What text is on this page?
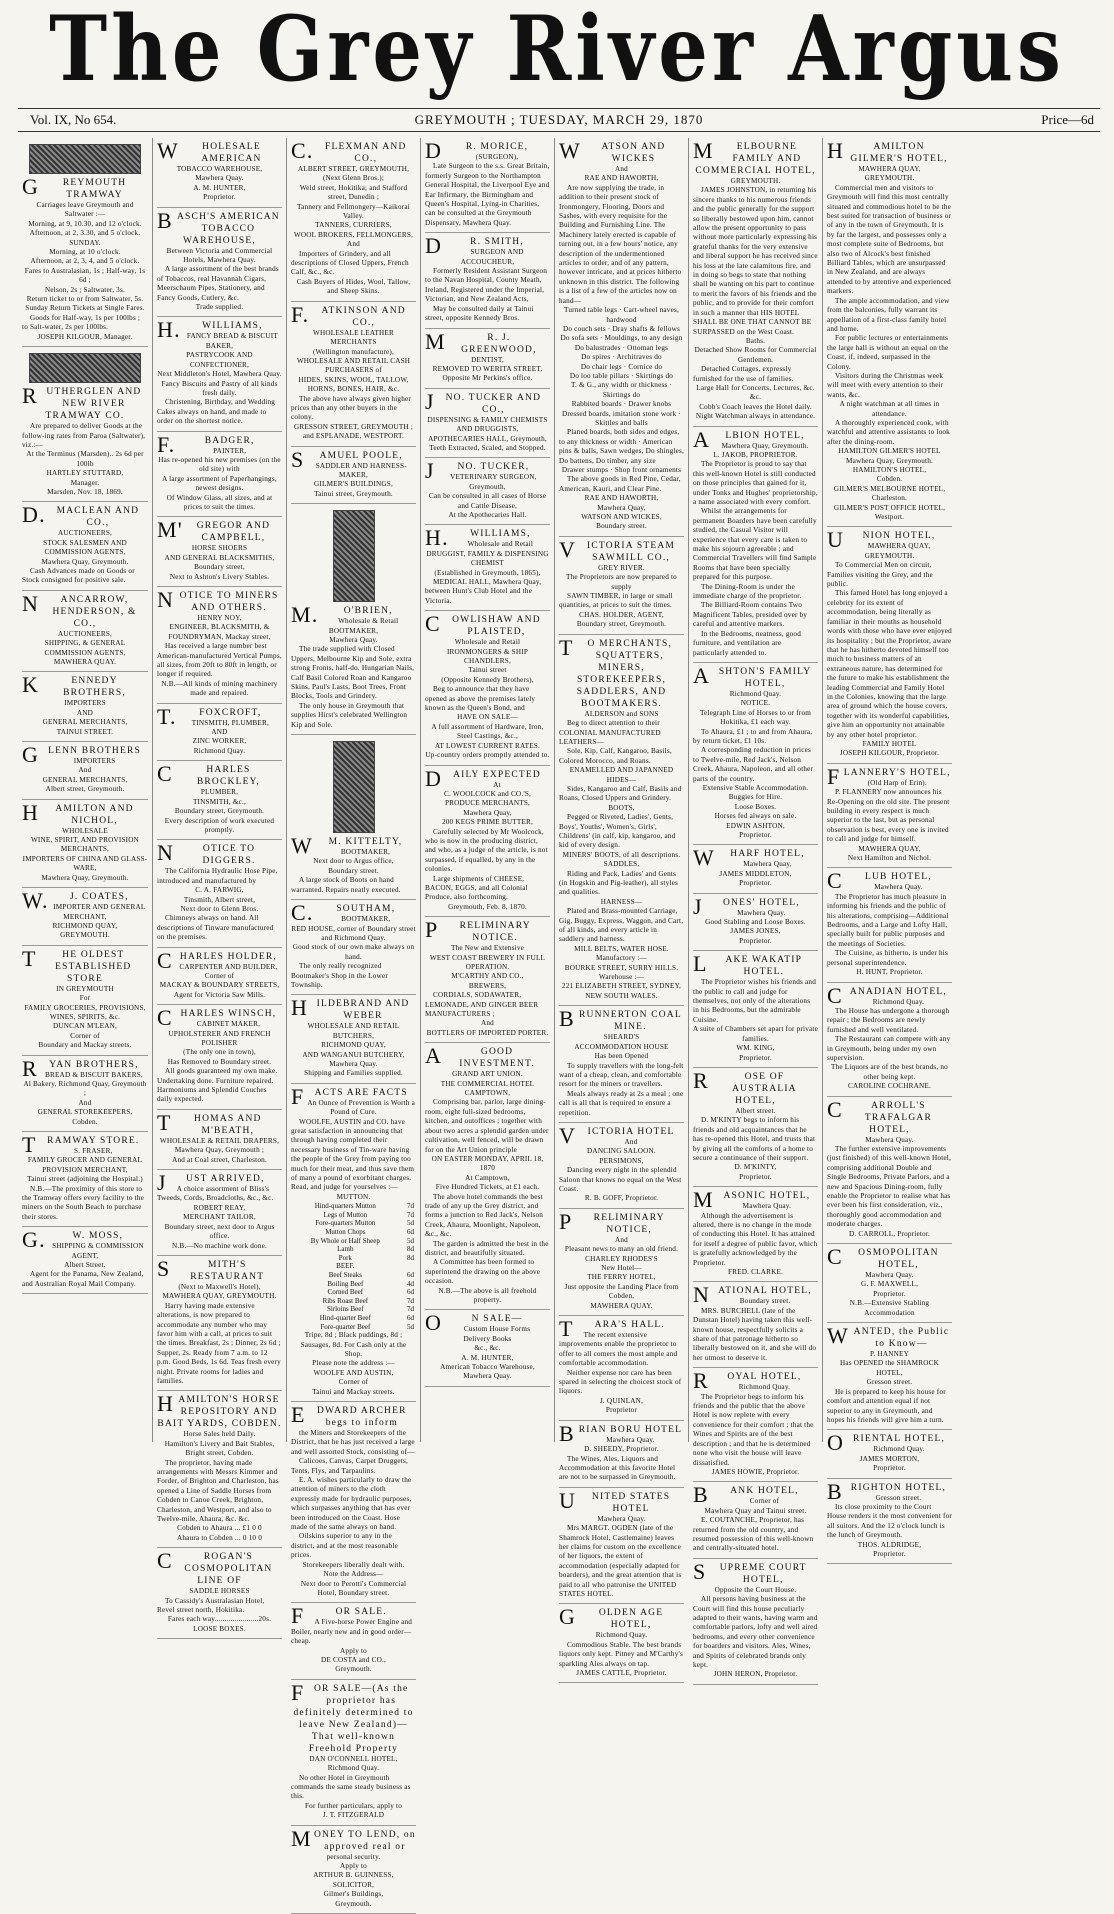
The Grey River Argus
Vol. IX, No 654.	GREYMOUTH ; TUESDAY, MARCH 29, 1870	Price—6d
GREYMOUTH TRAMWAY
Carriages leave Greymouth and Saltwater :—
Morning, at 9, 10.30, and 12 o'clock.
Afternoon, at 2, 3.30, and 5 o'clock.
SUNDAY.
Morning, at 10 o'clock.
Afternoon, at 2, 3, 4, and 5 o'clock.
Fares to Australasian, 1s ; Half-way, 1s 6d ;
Nelson, 2s ; Saltwater, 3s.
Return ticket to or from Saltwater, 5s.
Sunday Return Tickets at Single Fares.
Goods for Half-way, 1s per 100lbs ; to Salt-water, 2s per 100lbs.
JOSEPH KILGOUR, Manager.
RUTHERGLEN AND NEW RIVER TRAMWAY CO.
Are prepared to deliver Goods at the follow-ing rates from Paroa (Saltwater), viz.:—
At the Terminus (Marsden).. 2s 6d per 100lb
HARTLEY STUTTARD,
Manager.
Marsden, Nov. 18, 1869.
D.MACLEAN AND CO.,
AUCTIONEERS,
STOCK SALESMEN AND COMMISSION AGENTS,
Mawhera Quay, Greymouth.
Cash Advances made on Goods or Stock consigned for positive sale.
NANCARROW, HENDERSON, & CO.,
AUCTIONEERS,
SHIPPING, & GENERAL COMMISSION AGENTS,
MAWHERA QUAY.
KENNEDY BROTHERS,
IMPORTERS
AND
GENERAL MERCHANTS,
TAINUI STREET.
GLENN BROTHERS
IMPORTERS
And
GENERAL MERCHANTS,
Albert street, Greymouth.
HAMILTON AND NICHOL,
WHOLESALE
WINE, SPIRIT, AND PROVISION MERCHANTS,
IMPORTERS OF CHINA AND GLASS-WARE,
Mawhera Quay, Greymouth.
W.J. COATES,
IMPORTER AND GENERAL MERCHANT,
RICHMOND QUAY,
GREYMOUTH.
THE OLDEST ESTABLISHED STORE
IN GREYMOUTH
For
FAMILY GROCERIES, PROVISIONS, WINES, SPIRITS, &c.
DUNCAN M'LEAN,
Corner of
Boundary and Mackay streets.
RYAN BROTHERS,
BREAD & BISCUIT BAKERS,
Al Bakery, Richmond Quay, Greymouth ;
And
GENERAL STOREKEEPERS,
Cobden.
TRAMWAY STORE.
S. FRASER,
FAMILY GROCER AND GENERAL PROVISION MERCHANT,
Tainui street (adjoining the Hospital.)
N.B.—The proximity of this store to the Tramway offers every facility to the miners on the South Beach to purchase their stores.
G.W. MOSS,
SHIPPING & COMMISSION AGENT,
Albert Street.
Agent for the Panama, New Zealand, and Australian Royal Mail Company.
WHOLESALE AMERICAN
TOBACCO WAREHOUSE,
Mawhera Quay.
A. M. HUNTER,
Proprietor.
BASCH'S AMERICAN TOBACCO WAREHOUSE,
Between Victoria and Commercial Hotels, Mawhera Quay.
A large assortment of the best brands of Tobaccos, real Havannah Cigars, Meerschaum Pipes, Stationery, and Fancy Goods, Cutlery, &c.
Trade supplied.
H.WILLIAMS,
FANCY BREAD & BISCUIT BAKER,
PASTRYCOOK AND CONFECTIONER,
Next Middleton's Hotel, Mawhera Quay.
Fancy Biscuits and Pastry of all kinds fresh daily.
Christening, Birthday, and Wedding Cakes always on hand, and made to order on the shortest notice.
F.BADGER,
PAINTER,
Has re-opened his new premises (on the old site) with
A large assortment of Paperhangings, newest designs.
Of Window Glass, all sizes, and at prices to suit the times.
M'GREGOR AND CAMPBELL,
HORSE SHOERS
AND GENERAL BLACKSMITHS,
Boundary street,
Next to Ashton's Livery Stables.
NOTICE TO MINERS AND OTHERS.
HENRY NOY,
ENGINEER, BLACKSMITH, & FOUNDRYMAN, Mackay street,
Has received a large number best American-manufactured Vertical Pumps, all sizes, from 20ft to 80ft in length, or longer if required.
N.B.—All kinds of mining machinery made and repaired.
T.FOXCROFT,
TINSMITH, PLUMBER,
AND
ZINC WORKER,
Richmond Quay.
CHARLES BROCKLEY,
PLUMBER,
TINSMITH, &c.,
Boundary street, Greymouth.
Every description of work executed promptly.
NOTICE TO DIGGERS.
The California Hydraulic Hose Pipe, introduced and manufactured by
C. A. FARWIG,
Tinsmith, Albert street,
Next door to Glenn Bros.
Chimneys always on hand. All descriptions of Tinware manufactured on the premises.
CHARLES HOLDER,
CARPENTER AND BUILDER,
Corner of
MACKAY & BOUNDARY STREETS,
Agent for Victoria Saw Mills.
CHARLES WINSCH,
CABINET MAKER,
UPHOLSTERER AND FRENCH POLISHER
(The only one in town),
Has Removed to Boundary street.
All goods guaranteed my own make. Undertaking done. Furniture repaired. Harmoniums and Splendid Couches daily expected.
THOMAS AND M'BEATH,
WHOLESALE & RETAIL DRAPERS,
Mawhera Quay, Greymouth ;
And at Coal street, Charleston.
JUST ARRIVED,
A choice assortment of Bliss's Tweeds, Cords, Broadcloths, &c., &c.
ROBERT REAY,
MERCHANT TAILOR,
Boundary street, next door to Argus office.
N.B.—No machine work done.
SMITH'S RESTAURANT
(Next to Maxwell's Hotel),
MAWHERA QUAY, GREYMOUTH.
Harry having made extensive alterations, is now prepared to accommodate any number who may favor him with a call, at prices to suit the times. Breakfast, 2s ; Dinner, 2s 6d ; Supper, 2s. Ready from 7 a.m. to 12 p.m. Good Beds, 1s 6d. Teas fresh every night. Private rooms for ladies and families.
HAMILTON'S HORSE REPOSITORY AND BAIT YARDS, COBDEN.
Horse Sales held Daily.
Hamilton's Livery and Bait Stables, Bright street, Cobden.
The proprietor, having made arrangements with Messrs Kimmer and Forder, of Brighton and Charleston, has opened a Line of Saddle Horses from Cobden to Canoe Creek, Brighton, Charleston, and Westport, and also to Twelve-mile, Ahaura, &c. &c.
Cobden to Ahaura ... £1 0 0
Ahaura to Cobden ... 0 10 0
CROGAN'S COSMOPOLITAN LINE OF
SADDLE HORSES
To Cassidy's Australasian Hotel, Revel street north, Hokitika.
Fares each way......................20s.
LOOSE BOXES.
C.FLEXMAN AND CO.,
ALBERT STREET, GREYMOUTH,
(Next Glenn Bros.);
Weld street, Hokitika; and Stafford street, Dunedin ;
Tannery and Fellmongery—Kaikorai Valley.
TANNERS, CURRIERS,
WOOL BROKERS, FELLMONGERS,
And
Importers of Grindery, and all descriptions of Closed Uppers, French Calf, &c., &c.
Cash Buyers of Hides, Wool, Tallow, and Sheep Skins.
F.ATKINSON AND CO.,
WHOLESALE LEATHER MERCHANTS
(Wellington manufacture),
WHOLESALE AND RETAIL CASH PURCHASERS of
HIDES, SKINS, WOOL, TALLOW, HORNS, BONES, HAIR, &c.
The above have always given higher prices than any other buyers in the colony.
GRESSON STREET, GREYMOUTH ; and ESPLANADE, WESTPORT.
SAMUEL POOLE,
SADDLER AND HARNESS-MAKER,
GILMER'S BUILDINGS,
Tainui street, Greymouth.
M.O'BRIEN,
Wholesale & Retail
BOOTMAKER,
Mawhera Quay.
The trade supplied with Closed Uppers, Melbourne Kip and Sole, extra strong Fronts, half-do. Hungarian Nails, Calf Basil Colored Roan and Kangaroo Skins, Paul's Lasts, Boot Trees, Front Blocks, Tools and Grindery.
The only house in Greymouth that supplies Hirst's celebrated Wellington Kip and Sole.
WM. KITTELTY,
BOOTMAKER,
Next door to Argus office,
Boundary street.
A large stock of Boots on hand warranted. Repairs neatly executed.
C.SOUTHAM,
BOOTMAKER,
RED HOUSE, corner of Boundary street and Richmond Quay.
Good stock of our own make always on hand.
The only really recognized Bootmaker's Shop in the Lower Township.
HILDEBRAND AND WEBER
WHOLESALE AND RETAIL BUTCHERS,
RICHMOND QUAY,
AND WANGANUI BUTCHERY,
Mawhera Quay.
Shipping and Families supplied.
FACTS ARE FACTS
An Ounce of Prevention is Worth a Pound of Cure.
WOOLFE, AUSTIN and CO. have great satisfaction in announcing that through having completed their necessary business of Tin-ware having the people of the Grey from paying too much for their meat, and thus save them of many a pound of exorbitant charges. Read, and judge for yourselves :—
MUTTON.
Hind-quarters Mutton	7d
Legs of Mutton	7d
Fore-quarters Mutton	5d
Mutton Chops	6d
By Whole or Half Sheep	5d
Lamb	8d
Pork	8d
BEEF.	
Beef Steaks	6d
Boiling Beef	4d
Corned Beef	6d
Ribs Roast Beef	7d
Sirloins Beef	7d
Hind-quarter Beef	6d
Fore-quarter Beef	5d
Tripe, 8d ; Black puddings, 8d ; Sausages, 8d. For Cash only at the Shop.
Please note the address :—
WOOLFE AND AUSTIN,
Corner of
Tainui and Mackay streets.
EDWARD ARCHER begs to inform
the Miners and Storekeepers of the District, that he has just received a large and well assorted Stock, consisting of—
Calicoes, Canvas, Carpet Druggets, Tents, Flys, and Tarpaulins.
E. A. wishes particularly to draw the attention of miners to the cloth expressly made for hydraulic purposes, which surpasses anything that has ever been introduced on the Coast. Hose made of the same always on hand.
Oilskins superior to any in the district, and at the most reasonable prices.
Storekeepers liberally dealt with.
Note the Address—
Next door to Perotti's Commercial Hotel, Boundary street.
FOR SALE.
A Five-horse Power Engine and Boiler, nearly new and in good order—cheap.
Apply to
DE COSTA and CO.,
Greymouth.
FOR SALE—(As the proprietor has definitely determined to leave New Zealand)—That well-known Freehold Property
DAN O'CONNELL HOTEL,
Richmond Quay.
No other Hotel in Greymouth commands the same steady business as this.
For further particulars, apply to
J. T. FITZGERALD
MONEY TO LEND, on approved real or
personal security.
Apply to
ARTHUR B. GUINNESS,
SOLICITOR,
Gilmer's Buildings,
Greymouth.
DR. MORICE,
(SURGEON),
Late Surgeon to the s.s. Great Britain, formerly Surgeon to the Northampton General Hospital, the Liverpool Eye and Ear Infirmary, the Birmingham and Queen's Hospital, Lying-in Charities, can be consulted at the Greymouth Dispensary, Mawhera Quay.
DR. SMITH,
SURGEON AND ACCOUCHEUR,
Formerly Resident Assistant Surgeon to the Navan Hospital, County Meath, Ireland, Registered under the Imperial, Victorian, and New Zealand Acts,
May be consulted daily at Tainui street, opposite Kennedy Bros.
MR. J. GREENWOOD,
DENTIST,
REMOVED TO WERITA STREET,
Opposite Mr Perkins's office.
JNO. TUCKER AND CO.,
DISPENSING & FAMILY CHEMISTS AND DRUGGISTS,
APOTHECARIES HALL, Greymouth,
Teeth Extracted, Scaled, and Stopped.
JNO. TUCKER,
VETERINARY SURGEON,
Greymouth,
Can be consulted in all cases of Horse and Cattle Disease,
At the Apothecaries Hall.
H.WILLIAMS,
Wholesale and Retail
DRUGGIST, FAMILY & DISPENSING CHEMIST
(Established in Greymouth, 1865),
MEDICAL HALL, Mawhera Quay, between Hunt's Club Hotel and the Victoria.
COWLISHAW AND PLAISTED,
Wholesale and Retail
IRONMONGERS & SHIP CHANDLERS,
Tainui street
(Opposite Kennedy Brothers),
Beg to announce that they have opened as above the premises lately known as the Queen's Bond, and
HAVE ON SALE—
A full assortment of Hardware, Iron, Steel Castings, &c.,
AT LOWEST CURRENT RATES.
Up-country orders promptly attended to.
DAILY EXPECTED
At
C. WOOLCOCK and CO.'S,
PRODUCE MERCHANTS,
Mawhera Quay,
200 KEGS PRIME BUTTER,
Carefully selected by Mr Woolcock, who is now in the producing district, and who, as a judge of the article, is not surpassed, if equalled, by any in the colonies.
Large shipments of CHEESE, BACON, EGGS, and all Colonial Produce, also forthcoming.
Greymouth, Feb. 8, 1870.
PRELIMINARY NOTICE.
The New and Extensive
WEST COAST BREWERY IN FULL OPERATION.
M'CARTHY AND CO.,
BREWERS,
CORDIALS, SODAWATER, LEMONADE, AND GINGER BEER MANUFACTURERS ;
And
BOTTLERS OF IMPORTED PORTER.
AGOOD INVESTMENT.
GRAND ART UNION.
THE COMMERCIAL HOTEL
CAMPTOWN,
Comprising bar, parlor, large dining-room, eight full-sized bedrooms, kitchen, and outoffices ; together with about two acres a splendid garden under cultivation, well fenced, will be drawn for on the Art Union principle
ON EASTER MONDAY, APRIL 18, 1870
At Camptown,
Five Hundred Tickets, at £1 each.
The above hotel commands the best trade of any up the Grey district, and forms a junction to Red Jack's, Nelson Creek, Ahaura, Moonlight, Napoleon, &c., &c.
The garden is admitted the best in the district, and beautifully situated.
A Committee has been formed to superintend the drawing on the above occasion.
N.B.—The above is all freehold property.
ON SALE—
Custom House Forms
Delivery Books
&c., &c.
A. M. HUNTER,
American Tobacco Warehouse,
Mawhera Quay.
WATSON AND WICKES
And
RAE AND HAWORTH,
Are now supplying the trade, in addition to their present stock of Ironmongery, Flooring, Doors and Sashes, with every requisite for the Building and Furnishing Line. The Machinery lately erected is capable of turning out, in a few hours' notice, any description of the undermentioned articles to order, and of any pattern, however intricate, and at prices hitherto unknown in this district. The following is a list of a few of the articles now on hand—
Turned table legs · Cart-wheel naves, hardwood
Do couch sets · Dray shafts & fellows
Do sofa sets · Mouldings, to any design
Do balustrades · Ottoman legs
Do spires · Architraves do
Do chair legs · Cornice do
Do loo table pillars · Skirtings do
T. & G., any width or thickness · Skirtings do
Rabbited boards · Drawer knobs
Dressed boards, imitation stone work · Skittles and balls
Planed boards, both sides and edges, to any thickness or width · American pins & balls, Sawn wedges, Do shingles, Do battens, Do timber, any size
Drawer stumps · Shop front ornaments
The above goods in Red Pine, Cedar, American, Kauri, and Clear Pine.
RAE AND HAWORTH,
Mawhera Quay,
WATSON AND WICKES,
Boundary street.
VICTORIA STEAM SAWMILL CO.,
GREY RIVER.
The Proprietors are now prepared to supply
SAWN TIMBER, in large or small quantities, at prices to suit the times.
CHAS. HOLDER, AGENT,
Boundary street, Greymouth.
TO MERCHANTS, SQUATTERS, MINERS, STOREKEEPERS, SADDLERS, AND BOOTMAKERS.
ALDERSON and SONS
Beg to direct attention to their COLONIAL MANUFACTURED LEATHERS—
Sole, Kip, Calf, Kangaroo, Basils, Colored Morocco, and Roans.
ENAMELLED AND JAPANNED HIDES—
Sides, Kangaroo and Calf, Basils and Roans, Closed Uppers and Grindery.
BOOTS,
Pegged or Riveted, Ladies', Gents, Boys', Youths', Women's, Girls', Childrens' (in calf, kip, kangaroo, and kid of every design.
MINERS' BOOTS, of all descriptions.
SADDLES,
Riding and Pack, Ladies' and Gents (in Hogskin and Pig-leather), all styles and qualities.
HARNESS—
Plated and Brass-mounted Carriage, Gig, Buggy, Express, Waggon, and Cart, of all kinds, and every article in saddlery and harness.
MILL BELTS, WATER HOSE.
Manufactory :—
BOURKE STREET, SURRY HILLS.
Warehouse :—
221 ELIZABETH STREET, SYDNEY,
NEW SOUTH WALES.
BRUNNERTON COAL MINE.
SHEARD'S
ACCOMMODATION HOUSE
Has been Opened
To supply travellers with the long-felt want of a cheap, clean, and comfortable resort for the miners or travellers.
Meals always ready at 2s a meal ; one call is all that is required to ensure a repetition.
VICTORIA HOTEL
And
DANCING SALOON.
PERSIMONS,
Dancing every night in the splendid Saloon that knows no equal on the West Coast.
R. B. GOFF, Proprietor.
PRELIMINARY NOTICE,
And
Pleasant news to many an old friend.
CHARLEY RHODES'S
New Hotel—
THE FERRY HOTEL,
Just opposite the Landing Place from Cobden,
MAWHERA QUAY.
TARA'S HALL.
The recent extensive improvements enable the proprietor to offer to all comers the most ample and comfortable accommodation.
Neither expense nor care has been spared in selecting the choicest stock of liquors.
J. QUINLAN,
Proprietor
BRIAN BORU HOTEL
Mawhera Quay.
D. SHEEDY, Proprietor.
The Wines, Ales, Liquors and Accommodation at this favorite Hotel are not to be surpassed in Greymouth.
UNITED STATES HOTEL
Mawhera Quay.
Mrs MARGT. OGDEN (late of the Shamrock Hotel, Castlemaine) leaves her claims for custom on the excellence of her liquors, the extent of accommodation (especially adapted for boarders), and the great attention that is paid to all who patronise the UNITED STATES HOTEL.
GOLDEN AGE HOTEL,
Richmond Quay.
Commodious Stable. The best brands liquors only kept. Pitney and M'Carthy's sparkling Ales always on tap.
JAMES CATTLE, Proprietor.
MELBOURNE FAMILY AND COMMERCIAL HOTEL,
GREYMOUTH.
JAMES JOHNSTON, in returning his sincere thanks to his numerous friends and the public generally for the support so liberally bestowed upon him, cannot allow the present opportunity to pass without more particularly expressing his grateful thanks for the very extensive and liberal support he has received since his loss at the late calamitous fire, and in doing so begs to state that nothing shall be wanting on his part to continue to merit the favors of his friends and the public, and to provide for their comfort in such a manner that HIS HOTEL SHALL BE ONE THAT CANNOT BE SURPASSED on the West Coast.
Baths.
Detached Show Rooms for Commercial Gentlemen.
Detached Cottages, expressly furnished for the use of families.
Large Hall for Concerts, Lectures, &c. &c.
Cobb's Coach leaves the Hotel daily.
Night Watchman always in attendance.
ALBION HOTEL,
Mawhera Quay, Greymouth.
L. JAKOB, PROPRIETOR.
The Proprietor is proud to say that this well-known Hotel is still conducted on those principles that gained for it, under Tonks and Hughes' proprietorship, a name associated with every comfort.
Whilst the arrangements for permanent Boarders have been carefully studied, the Casual Visitor will experience that every care is taken to make his sojourn agreeable ; and Commercial Travellers will find Sample Rooms that have been specially prepared for this purpose.
The Dining-Room is under the immediate charge of the proprietor.
The Billiard-Room contains Two Magnificent Tables, presided over by careful and attentive markers.
In the Bedrooms, neatness, good furniture, and ventilation are particularly attended to.
ASHTON'S FAMILY HOTEL,
Richmond Quay.
NOTICE.
Telegraph Line of Horses to or from Hokitika, £1 each way.
To Ahaura, £1 ; to and from Ahaura, by return ticket, £1 10s.
A corresponding reduction in prices to Twelve-mile, Red Jack's, Nelson Creek, Ahaura, Napoleon, and all other parts of the country.
Extensive Stable Accommodation.
Buggies for Hire.
Loose Boxes.
Horses fed always on sale.
EDWIN ASHTON,
Proprietor.
WHARF HOTEL,
Mawhera Quay,
JAMES MIDDLETON,
Proprietor.
JONES' HOTEL,
Mawhera Quay.
Good Stabling and Loose Boxes.
JAMES JONES,
Proprietor.
LAKE WAKATIP HOTEL.
The Proprietor wishes his friends and the public to call and judge for themselves, not only of the alterations in his Bedrooms, but the admirable Cuisine.
A suite of Chambers set apart for private families.
WM. KING,
Proprietor.
ROSE OF AUSTRALIA HOTEL,
Albert street.
D. M'KINTY begs to inform his friends and old acquaintances that he has re-opened this Hotel, and trusts that by giving all the comforts of a home to secure a continuance of their support.
D. M'KINTY,
Proprietor.
MASONIC HOTEL,
Mawhera Quay.
Although the advertisement is altered, there is no change in the mode of conducting this Hotel. It has attained for itself a degree of public favor, which is gratefully acknowledged by the Proprietor.
FRED. CLARKE.
NATIONAL HOTEL,
Boundary street.
MRS. BURCHELL (late of the Dunstan Hotel) having taken this well-known house, respectfully solicits a share of that patronage hitherto so liberally bestowed on it, and she will do her utmost to deserve it.
ROYAL HOTEL,
Richmond Quay.
The Proprietor begs to inform his friends and the public that the above Hotel is now replete with every convenience for their comfort ; that the Wines and Spirits are of the best description ; and that he is determined none who visit the house will leave dissatisfied.
JAMES HOWIE, Proprietor.
BANK HOTEL,
Corner of
Mawhera Quay and Tainui street.
E. COUTANCHE, Proprietor, has returned from the old country, and resumed possession of this well-known and centrally-situated hotel.
SUPREME COURT HOTEL,
Opposite the Court House.
All persons having business at the Court will find this house peculiarly adapted to their wants, having warm and comfortable parlors, lofty and well aired bedrooms, and every other convenience for boarders and visitors. Ales, Wines, and Spirits of celebrated brands only kept.
JOHN HERON, Proprietor.
HAMILTON GILMER'S HOTEL,
MAWHERA QUAY,
GREYMOUTH.
Commercial men and visitors to Greymouth will find this most centrally situated and commodious hotel to be the best suited for transaction of business or of any in the town of Greymouth. It is by far the largest, and possesses only a most complete suite of Bedrooms, but also two of Alcock's best finished Billiard Tables, which are unsurpassed in New Zealand, and are always attended to by attentive and experienced markers.
The ample accommodation, and view from the balconies, fully warrant its appellation of a first-class family hotel and home.
For public lectures or entertainments the large hall is without an equal on the Coast, if, indeed, surpassed in the Colony.
Visitors during the Christmas week will meet with every attention to their wants, &c.
A night watchman at all times in attendance.
A thoroughly experienced cook, with watchful and attentive assistants to look after the dining-room.
HAMILTON GILMER'S HOTEL
Mawhera Quay, Greymouth.
HAMILTON'S HOTEL,
Cobden.
GILMER'S MELBOURNE HOTEL,
Charleston.
GILMER'S POST OFFICE HOTEL,
Westport.
UNION HOTEL,
MAWHERA QUAY,
GREYMOUTH.
To Commercial Men on circuit, Families visiting the Grey, and the public.
This famed Hotel has long enjoyed a celebrity for its extent of accommodation, being literally as familiar in their mouths as household words with those who have ever enjoyed its hospitality ; but the Proprietor, aware that he has hitherto devoted himself too much to business matters of an extraneous nature, has determined for the future to make his establishment the leading Commercial and Family Hotel in the Colonies, knowing that the large area of ground which the house covers, together with its wonderful capabilities, give him an opportunity not attainable by any other hotel proprietor.
FAMILY HOTEL
JOSEPH KILGOUR, Proprietor.
FLANNERY'S HOTEL,
(Old Harp of Erin).
P. FLANNERY now announces his Re-Opening on the old site. The present building in every respect is much superior to the last, but as personal observation is best, every one is invited to call and judge for himself.
MAWHERA QUAY,
Next Hamilton and Nichol.
CLUB HOTEL,
Mawhera Quay.
The Proprietor has much pleasure in informing his friends and the public of his alterations, comprising—Additional Bedrooms, and a Large and Lofty Hall, specially built for public purposes and the meetings of Societies.
The Cuisine, as hitherto, is under his personal superintendence.
H. HUNT, Proprietor.
CANADIAN HOTEL,
Richmond Quay.
The House has undergone a thorough repair ; the Bedrooms are newly furnished and well ventilated.
The Restaurant can compete with any in Greymouth, being under my own supervision.
The Liquors are of the best brands, no other being kept.
CAROLINE COCHRANE.
CARROLL'S TRAFALGAR HOTEL,
Mawhera Quay.
The further extensive improvements (just finished) of this well-known Hotel, comprising additional Double and Single Bedrooms, Private Parlors, and a new and Spacious Dining-room, fully enable the Proprietor to realise what has ever been his first consideration, viz., thoroughly good accommodation and moderate charges.
D. CARROLL, Proprietor.
COSMOPOLITAN HOTEL,
Mawhera Quay.
G. F. MAXWELL,
Proprietor.
N.B.—Extensive Stabling Accommodation
WANTED, the Public to Know—
P. HANNEY
Has OPENED the SHAMROCK HOTEL,
Gresson street.
He is prepared to keep his house for comfort and attention equal if not superior to any in Greymouth, and hopes his friends will give him a turn.
ORIENTAL HOTEL,
Richmond Quay.
JAMES MORTON,
Proprietor.
BRIGHTON HOTEL,
Gresson street.
Its close proximity to the Court House renders it the most convenient for all suitors. And the 12 o'clock lunch is the lunch of Greymouth.
THOS. ALDRIDGE,
Proprietor.
